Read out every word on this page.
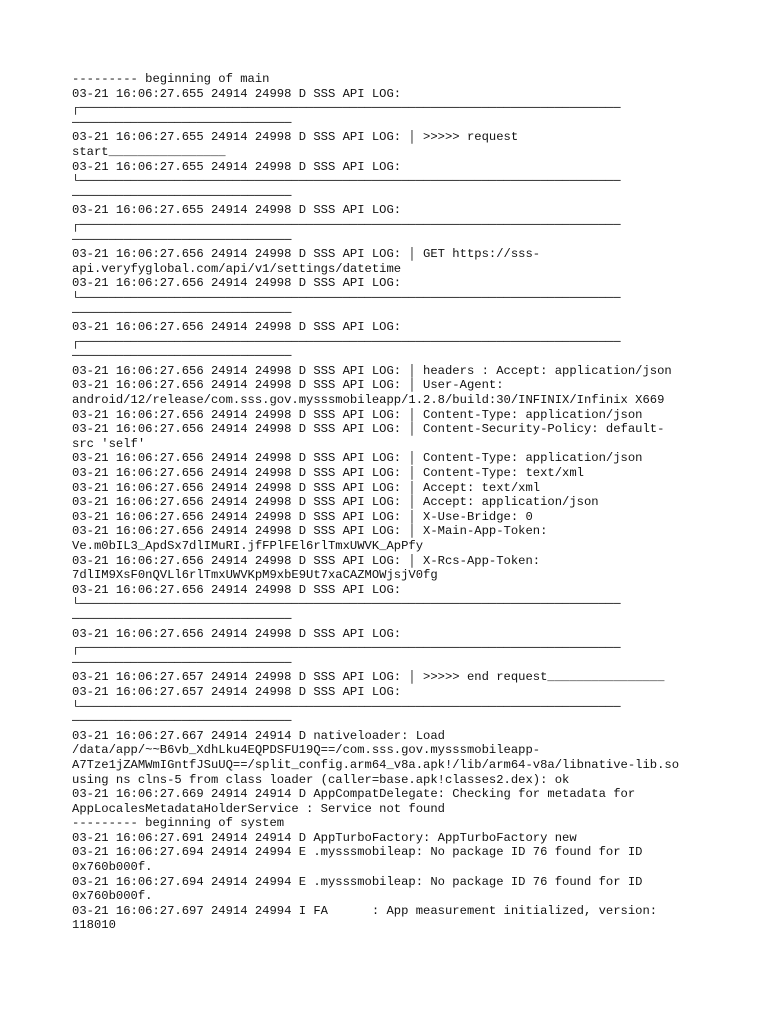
--------- beginning of main
03-21 16:06:27.655 24914 24998 D SSS API LOG:
┌──────────────────────────────────────────────────────────────────────────
──────────────────────────────
03-21 16:06:27.655 24914 24998 D SSS API LOG: │ >>>>> request
start________________
03-21 16:06:27.655 24914 24998 D SSS API LOG:
└──────────────────────────────────────────────────────────────────────────
──────────────────────────────
03-21 16:06:27.655 24914 24998 D SSS API LOG:
┌──────────────────────────────────────────────────────────────────────────
──────────────────────────────
03-21 16:06:27.656 24914 24998 D SSS API LOG: │ GET https://sss-
api.veryfyglobal.com/api/v1/settings/datetime
03-21 16:06:27.656 24914 24998 D SSS API LOG:
└──────────────────────────────────────────────────────────────────────────
──────────────────────────────
03-21 16:06:27.656 24914 24998 D SSS API LOG:
┌──────────────────────────────────────────────────────────────────────────
──────────────────────────────
03-21 16:06:27.656 24914 24998 D SSS API LOG: │ headers : Accept: application/json
03-21 16:06:27.656 24914 24998 D SSS API LOG: │ User-Agent:
android/12/release/com.sss.gov.mysssmobileapp/1.2.8/build:30/INFINIX/Infinix X669
03-21 16:06:27.656 24914 24998 D SSS API LOG: │ Content-Type: application/json
03-21 16:06:27.656 24914 24998 D SSS API LOG: │ Content-Security-Policy: default-
src 'self'
03-21 16:06:27.656 24914 24998 D SSS API LOG: │ Content-Type: application/json
03-21 16:06:27.656 24914 24998 D SSS API LOG: │ Content-Type: text/xml
03-21 16:06:27.656 24914 24998 D SSS API LOG: │ Accept: text/xml
03-21 16:06:27.656 24914 24998 D SSS API LOG: │ Accept: application/json
03-21 16:06:27.656 24914 24998 D SSS API LOG: │ X-Use-Bridge: 0
03-21 16:06:27.656 24914 24998 D SSS API LOG: │ X-Main-App-Token:
Ve.m0bIL3_ApdSx7dlIMuRI.jfFPlFEl6rlTmxUWVK_ApPfy
03-21 16:06:27.656 24914 24998 D SSS API LOG: │ X-Rcs-App-Token:
7dlIM9XsF0nQVLl6rlTmxUWVKpM9xbE9Ut7xaCAZMOWjsjV0fg
03-21 16:06:27.656 24914 24998 D SSS API LOG:
└──────────────────────────────────────────────────────────────────────────
──────────────────────────────
03-21 16:06:27.656 24914 24998 D SSS API LOG:
┌──────────────────────────────────────────────────────────────────────────
──────────────────────────────
03-21 16:06:27.657 24914 24998 D SSS API LOG: │ >>>>> end request________________
03-21 16:06:27.657 24914 24998 D SSS API LOG:
└──────────────────────────────────────────────────────────────────────────
──────────────────────────────
03-21 16:06:27.667 24914 24914 D nativeloader: Load
/data/app/~~B6vb_XdhLku4EQPDSFU19Q==/com.sss.gov.mysssmobileapp-
A7Tze1jZAMWmIGntfJSuUQ==/split_config.arm64_v8a.apk!/lib/arm64-v8a/libnative-lib.so
using ns clns-5 from class loader (caller=base.apk!classes2.dex): ok
03-21 16:06:27.669 24914 24914 D AppCompatDelegate: Checking for metadata for
AppLocalesMetadataHolderService : Service not found
--------- beginning of system
03-21 16:06:27.691 24914 24914 D AppTurboFactory: AppTurboFactory new
03-21 16:06:27.694 24914 24994 E .mysssmobileap: No package ID 76 found for ID
0x760b000f.
03-21 16:06:27.694 24914 24994 E .mysssmobileap: No package ID 76 found for ID
0x760b000f.
03-21 16:06:27.697 24914 24994 I FA      : App measurement initialized, version:
118010
